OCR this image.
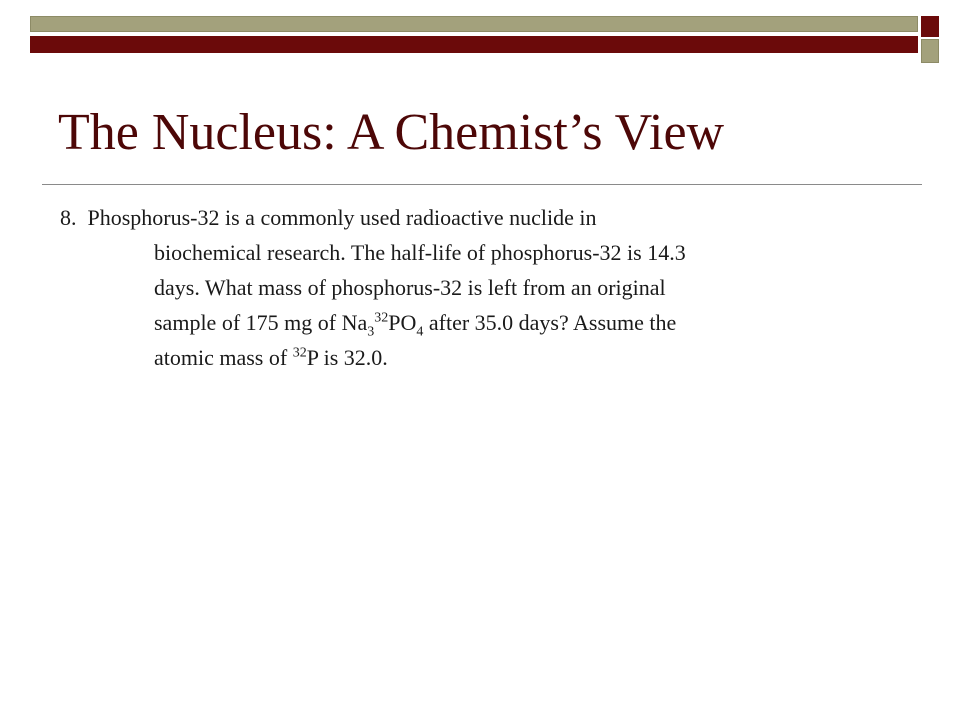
The Nucleus: A Chemist’s View
8. Phosphorus-32 is a commonly used radioactive nuclide in
biochemical research. The half-life of phosphorus-32 is 14.3
days. What mass of phosphorus-32 is left from an original
sample of 175 mg of $Na_3^{32}PO_4$ after 35.0 days? Assume the
atomic mass of $^{32}$P is 32.0.
